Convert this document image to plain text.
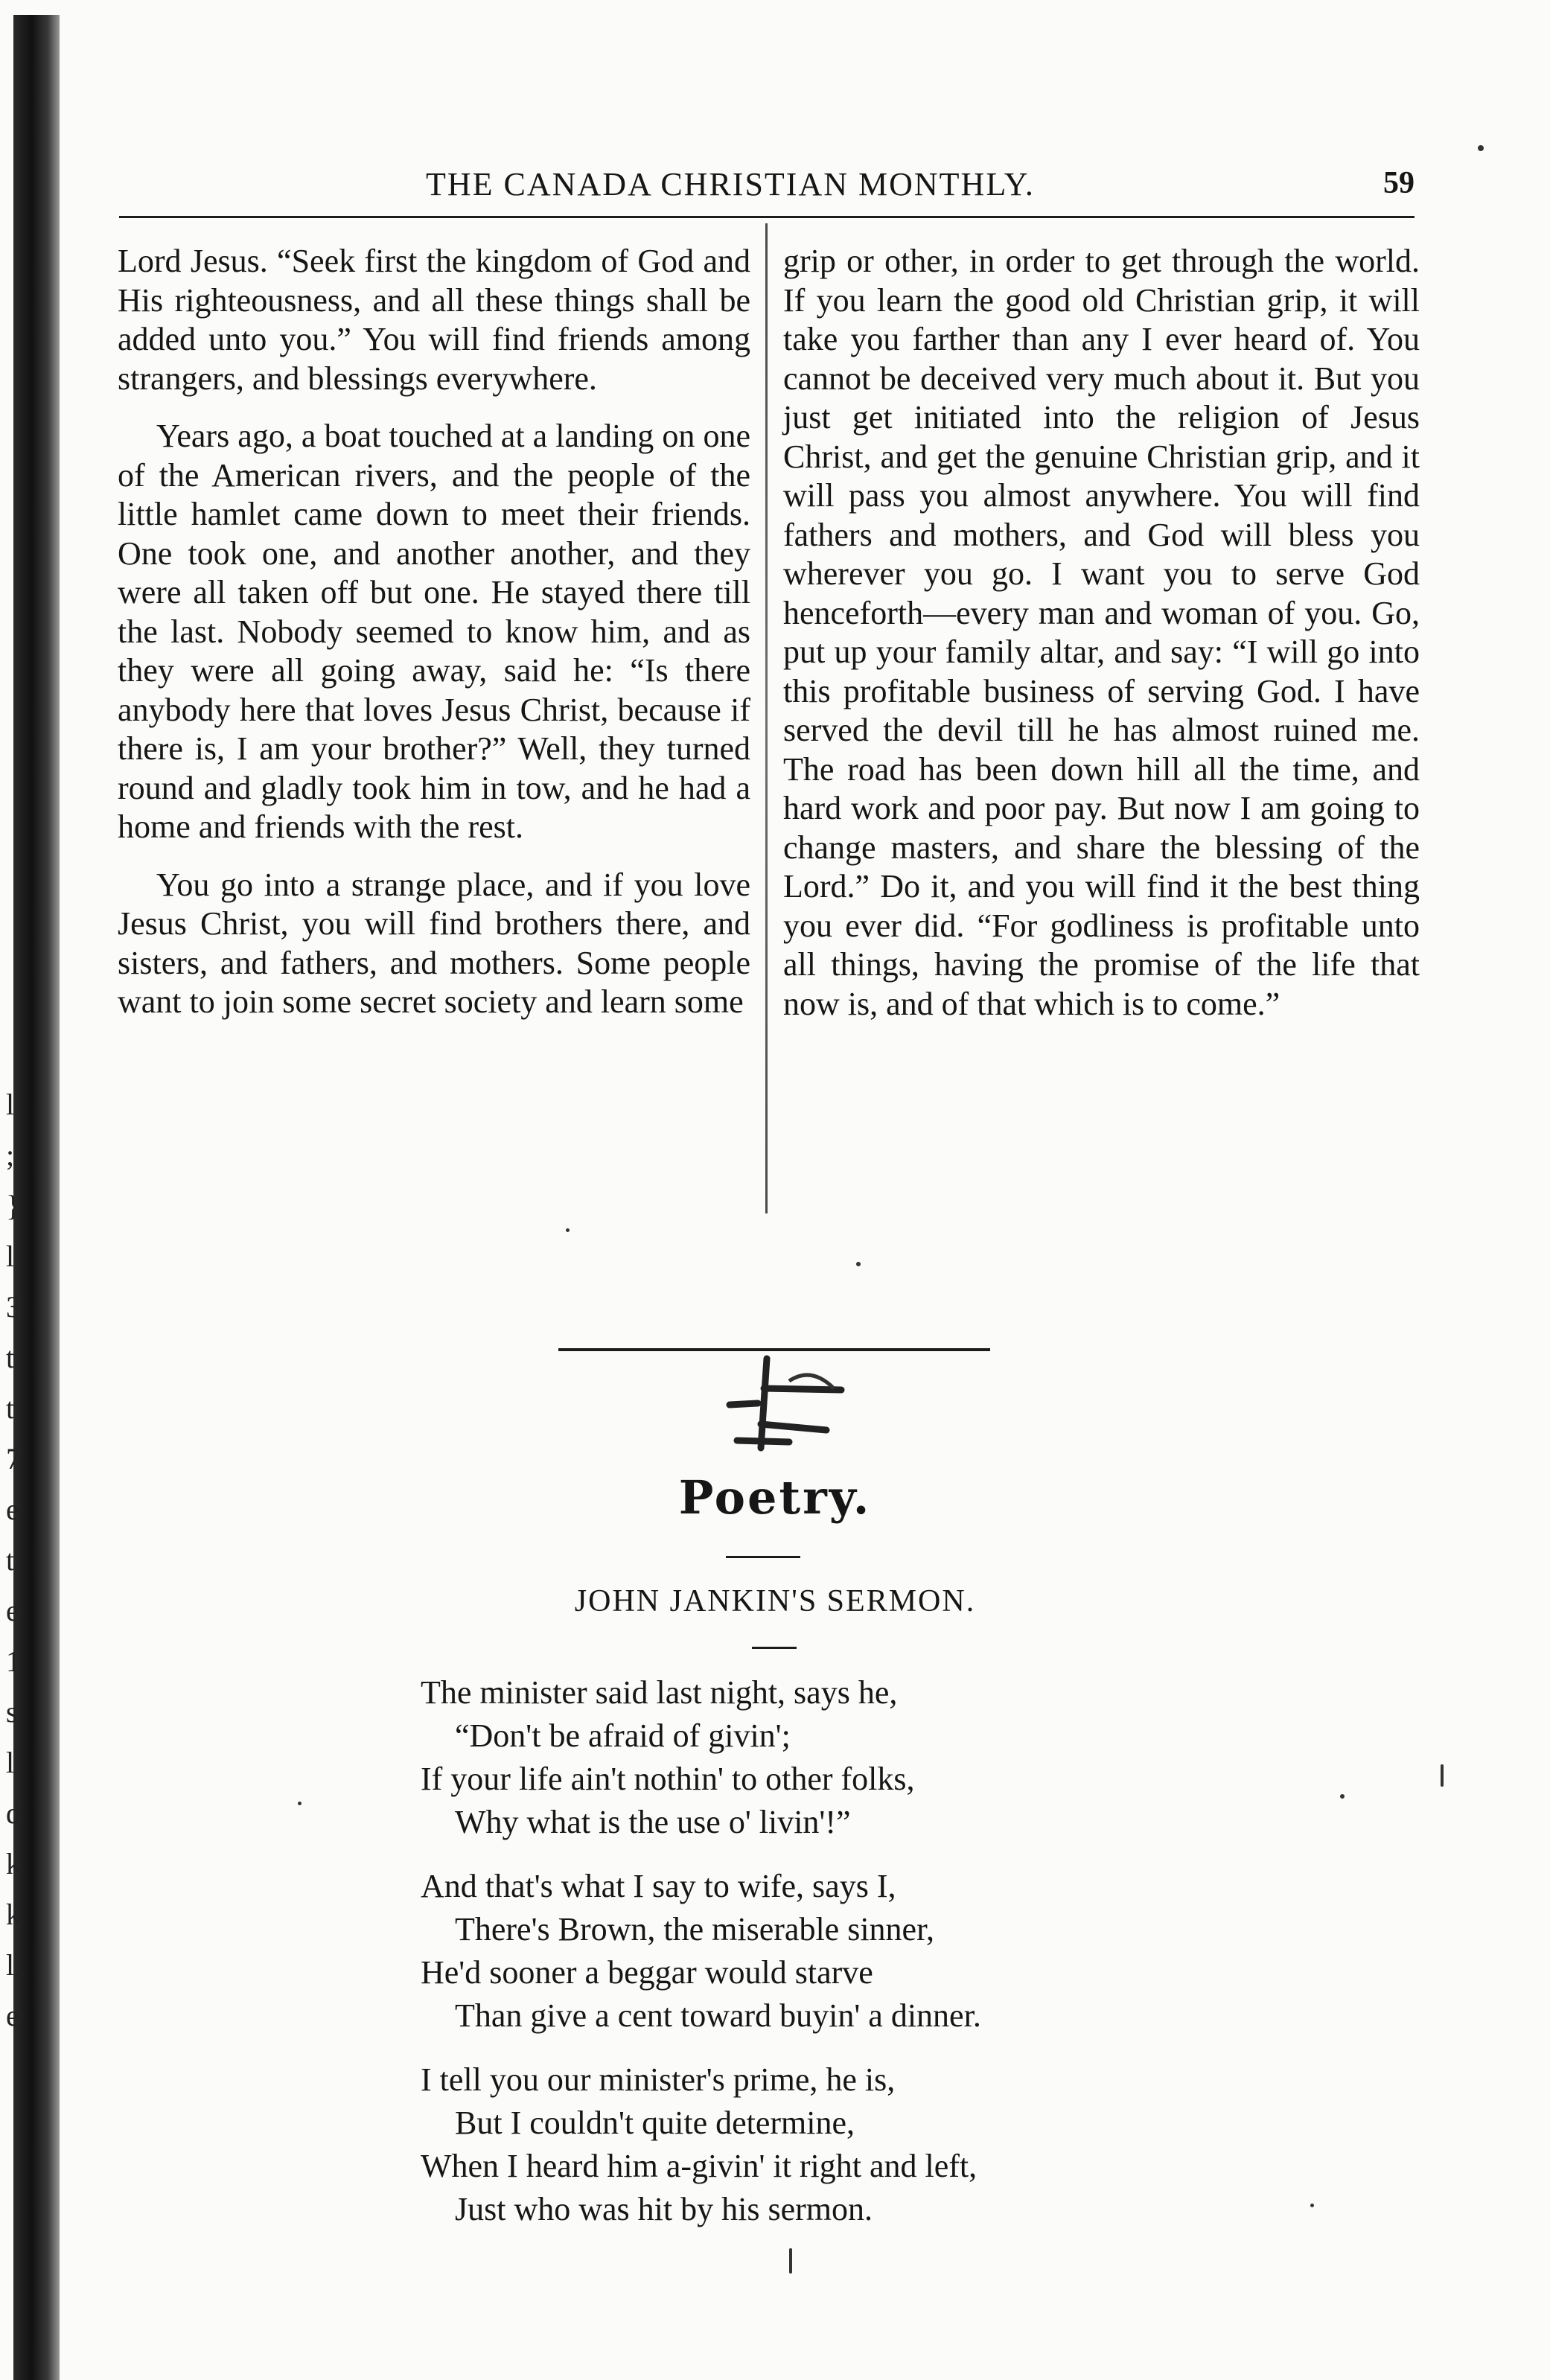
l
;
}
l
3
t
t
7
e
t
e
1
s
l
d
k
k
l,
e
THE CANADA CHRISTIAN MONTHLY.	59

Lord Jesus. “Seek first the kingdom of God and His righteousness, and all these things shall be added unto you.” You will find friends among strangers, and blessings everywhere.

Years ago, a boat touched at a landing on one of the American rivers, and the people of the little hamlet came down to meet their friends. One took one, and another another, and they were all taken off but one. He stayed there till the last. Nobody seemed to know him, and as they were all going away, said he: “Is there anybody here that loves Jesus Christ, because if there is, I am your brother?” Well, they turned round and gladly took him in tow, and he had a home and friends with the rest.

You go into a strange place, and if you love Jesus Christ, you will find brothers there, and sisters, and fathers, and mothers. Some people want to join some secret society and learn some

grip or other, in order to get through the world. If you learn the good old Christian grip, it will take you farther than any I ever heard of. You cannot be deceived very much about it. But you just get initiated into the religion of Jesus Christ, and get the genuine Christian grip, and it will pass you almost anywhere. You will find fathers and mothers, and God will bless you wherever you go. I want you to serve God henceforth—every man and woman of you. Go, put up your family altar, and say: “I will go into this profitable business of serving God. I have served the devil till he has almost ruined me. The road has been down hill all the time, and hard work and poor pay. But now I am going to change masters, and share the blessing of the Lord.” Do it, and you will find it the best thing you ever did. “For godliness is profitable unto all things, having the promise of the life that now is, and of that which is to come.”

Poetry.
JOHN JANKIN'S SERMON.
The minister said last night, says he,
“Don't be afraid of givin';
If your life ain't nothin' to other folks,
Why what is the use o' livin'!”
And that's what I say to wife, says I,
There's Brown, the miserable sinner,
He'd sooner a beggar would starve
Than give a cent toward buyin' a dinner.
I tell you our minister's prime, he is,
But I couldn't quite determine,
When I heard him a-givin' it right and left,
Just who was hit by his sermon.
